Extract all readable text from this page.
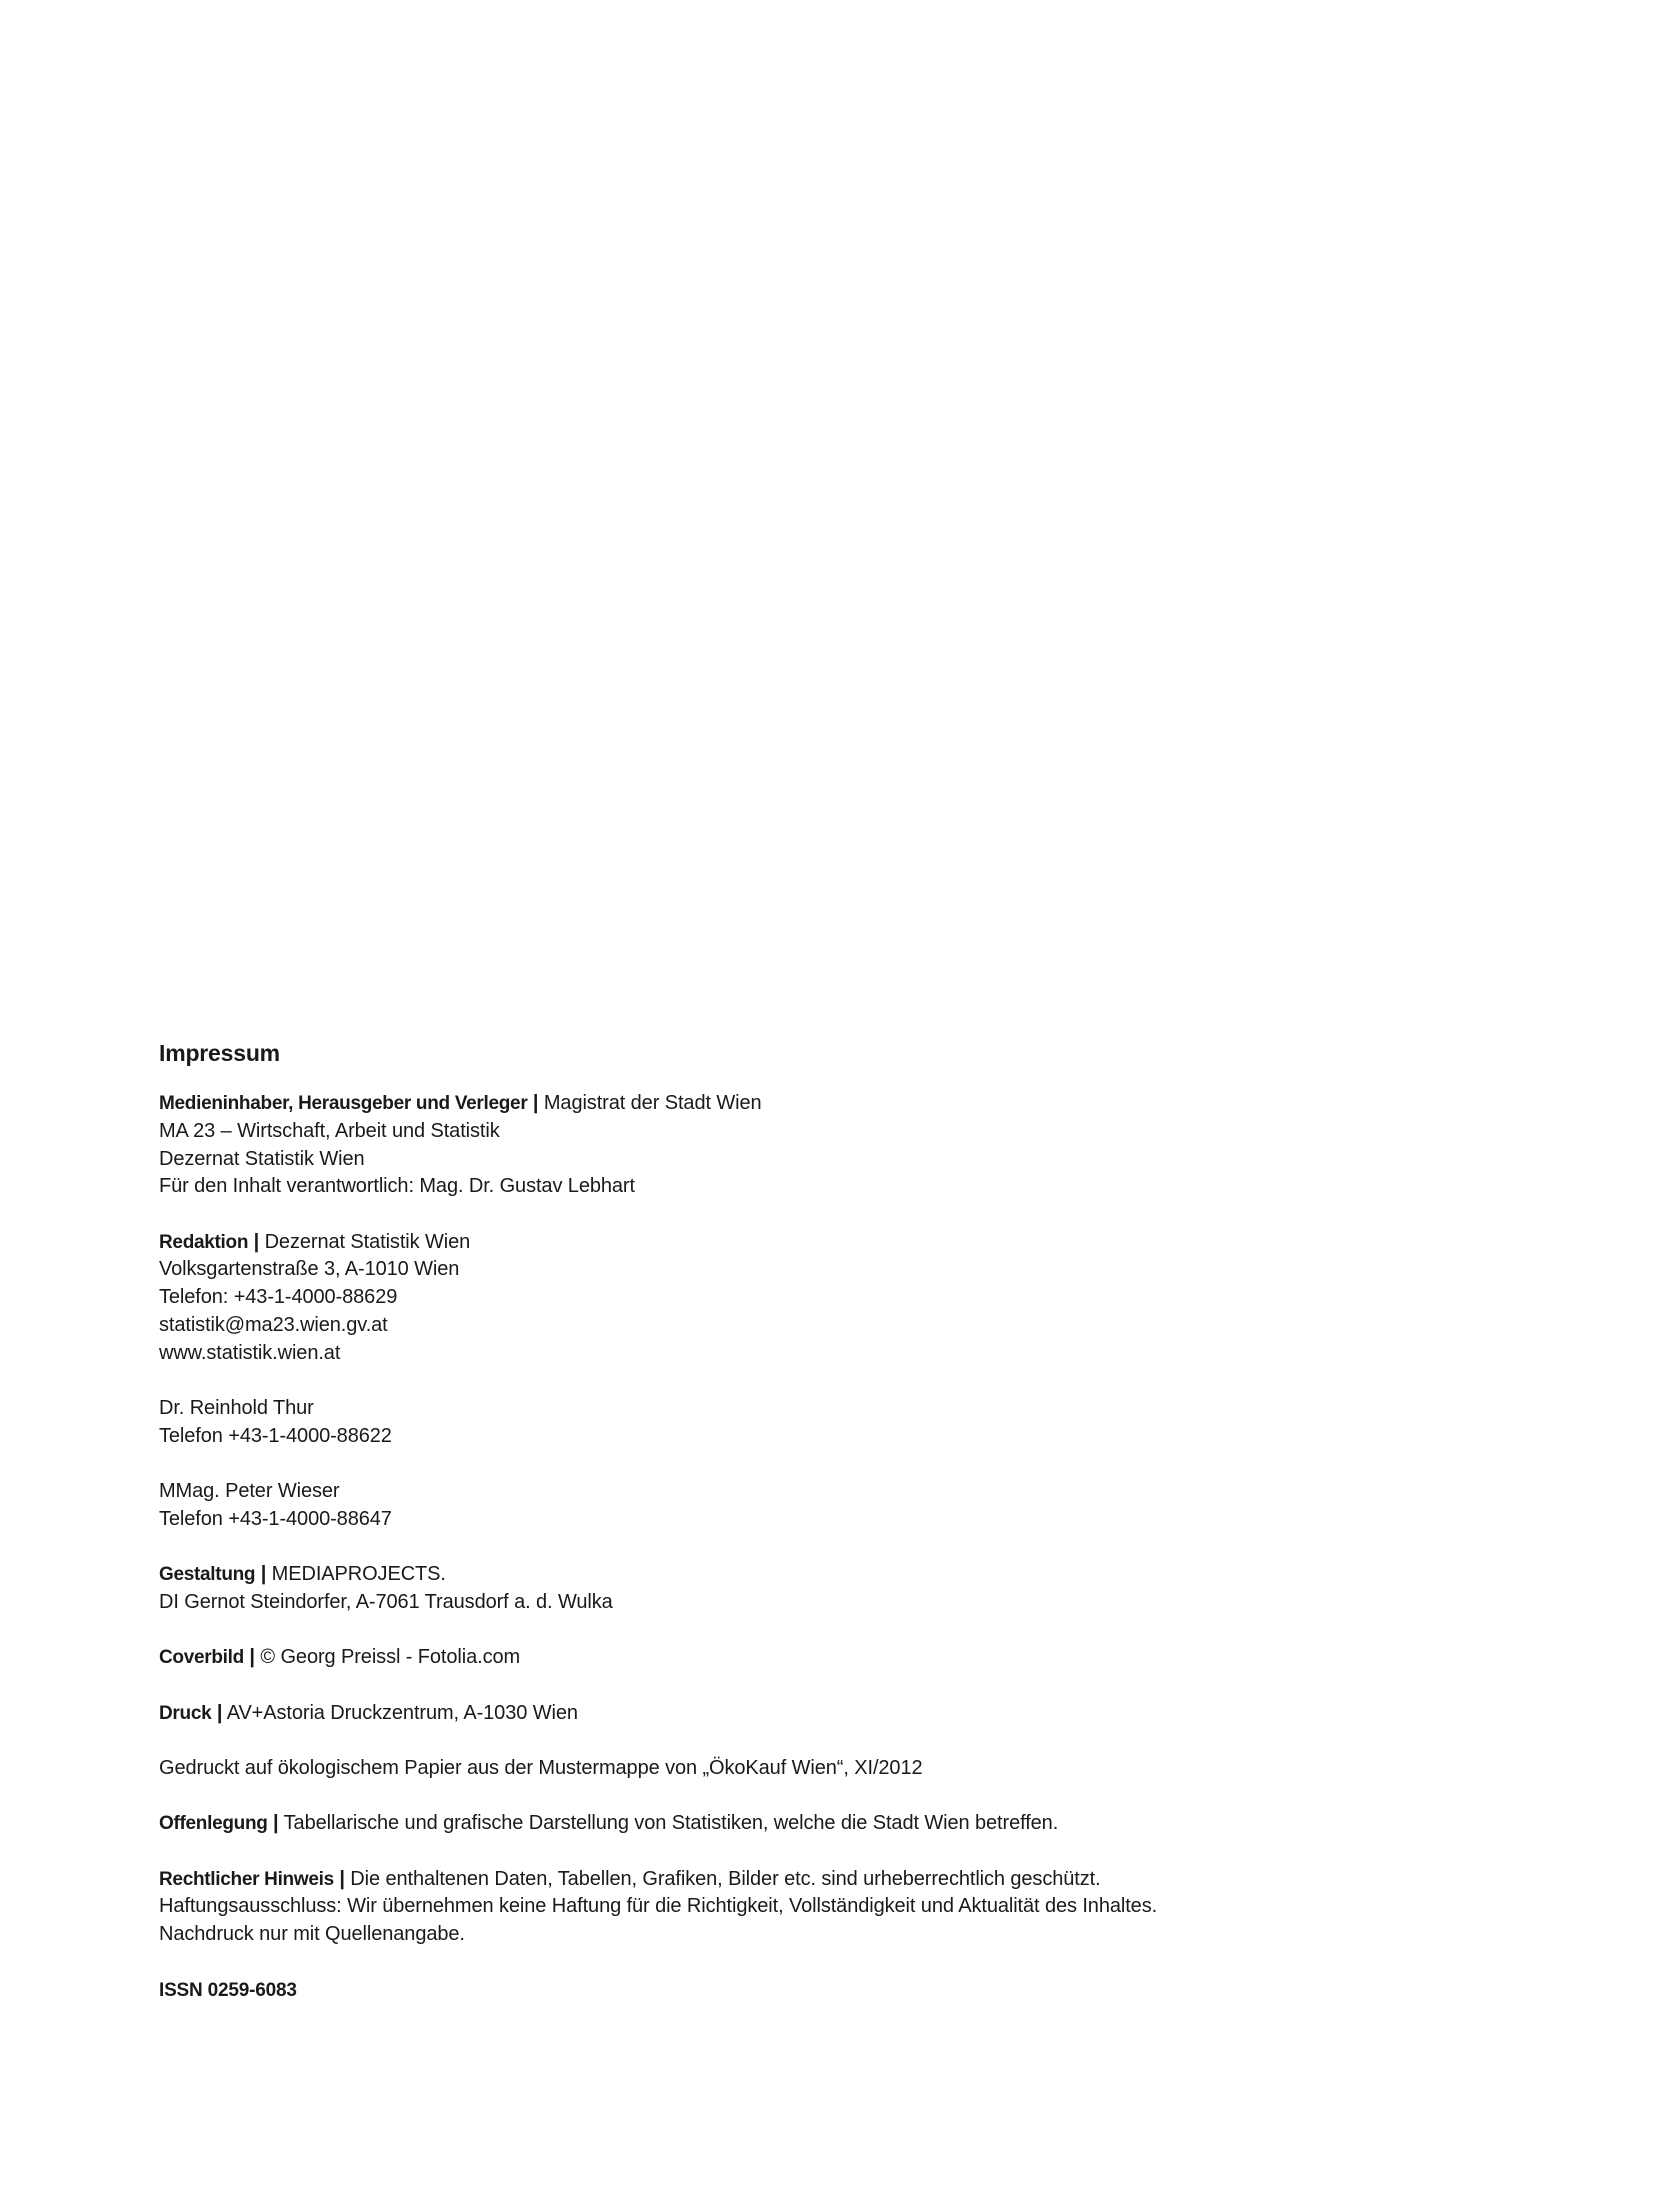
Impressum
Medieninhaber, Herausgeber und Verleger | Magistrat der Stadt Wien
MA 23 – Wirtschaft, Arbeit und Statistik
Dezernat Statistik Wien
Für den Inhalt verantwortlich: Mag. Dr. Gustav Lebhart
Redaktion | Dezernat Statistik Wien
Volksgartenstraße 3, A-1010 Wien
Telefon: +43-1-4000-88629
statistik@ma23.wien.gv.at
www.statistik.wien.at
Dr. Reinhold Thur
Telefon +43-1-4000-88622
MMag. Peter Wieser
Telefon +43-1-4000-88647
Gestaltung | MEDIAPROJECTS.
DI Gernot Steindorfer, A-7061 Trausdorf a. d. Wulka
Coverbild | © Georg Preissl - Fotolia.com
Druck | AV+Astoria Druckzentrum, A-1030 Wien
Gedruckt auf ökologischem Papier aus der Mustermappe von „ÖkoKauf Wien“, XI/2012
Offenlegung | Tabellarische und grafische Darstellung von Statistiken, welche die Stadt Wien betreffen.
Rechtlicher Hinweis | Die enthaltenen Daten, Tabellen, Grafiken, Bilder etc. sind urheberrechtlich geschützt.
Haftungsausschluss: Wir übernehmen keine Haftung für die Richtigkeit, Vollständigkeit und Aktualität des Inhaltes.
Nachdruck nur mit Quellenangabe.
ISSN 0259-6083
